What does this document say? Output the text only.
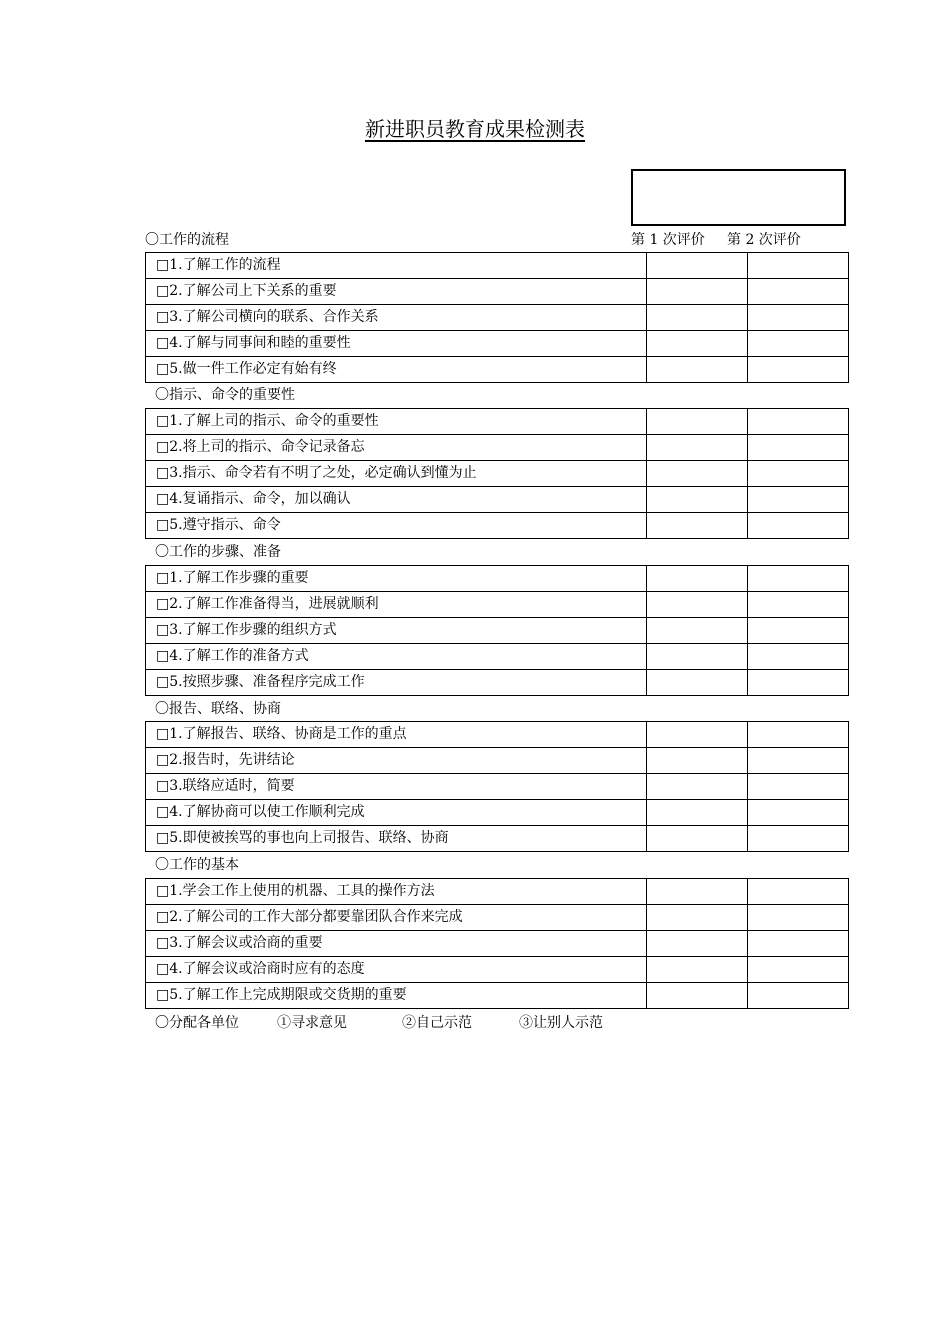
新进职员教育成果检测表
〇工作的流程	第 1 次评价 第 2 次评价
□1.了解工作的流程		
□2.了解公司上下关系的重要		
□3.了解公司横向的联系、合作关系		
□4.了解与同事间和睦的重要性		
□5.做一件工作必定有始有终		
〇指示、命令的重要性
□1.了解上司的指示、命令的重要性		
□2.将上司的指示、命令记录备忘		
□3.指示、命令若有不明了之处，必定确认到懂为止		
□4.复诵指示、命令，加以确认		
□5.遵守指示、命令		
〇工作的步骤、准备
□1.了解工作步骤的重要		
□2.了解工作准备得当，进展就顺利		
□3.了解工作步骤的组织方式		
□4.了解工作的准备方式		
□5.按照步骤、准备程序完成工作		
〇报告、联络、协商
□1.了解报告、联络、协商是工作的重点		
□2.报告时，先讲结论		
□3.联络应适时，简要		
□4.了解协商可以使工作顺利完成		
□5.即使被挨骂的事也向上司报告、联络、协商		
〇工作的基本
□1.学会工作上使用的机器、工具的操作方法		
□2.了解公司的工作大部分都要靠团队合作来完成		
□3.了解会议或洽商的重要		
□4.了解会议或洽商时应有的态度		
□5.了解工作上完成期限或交货期的重要		
〇分配各单位	①寻求意见	②自己示范	③让别人示范
